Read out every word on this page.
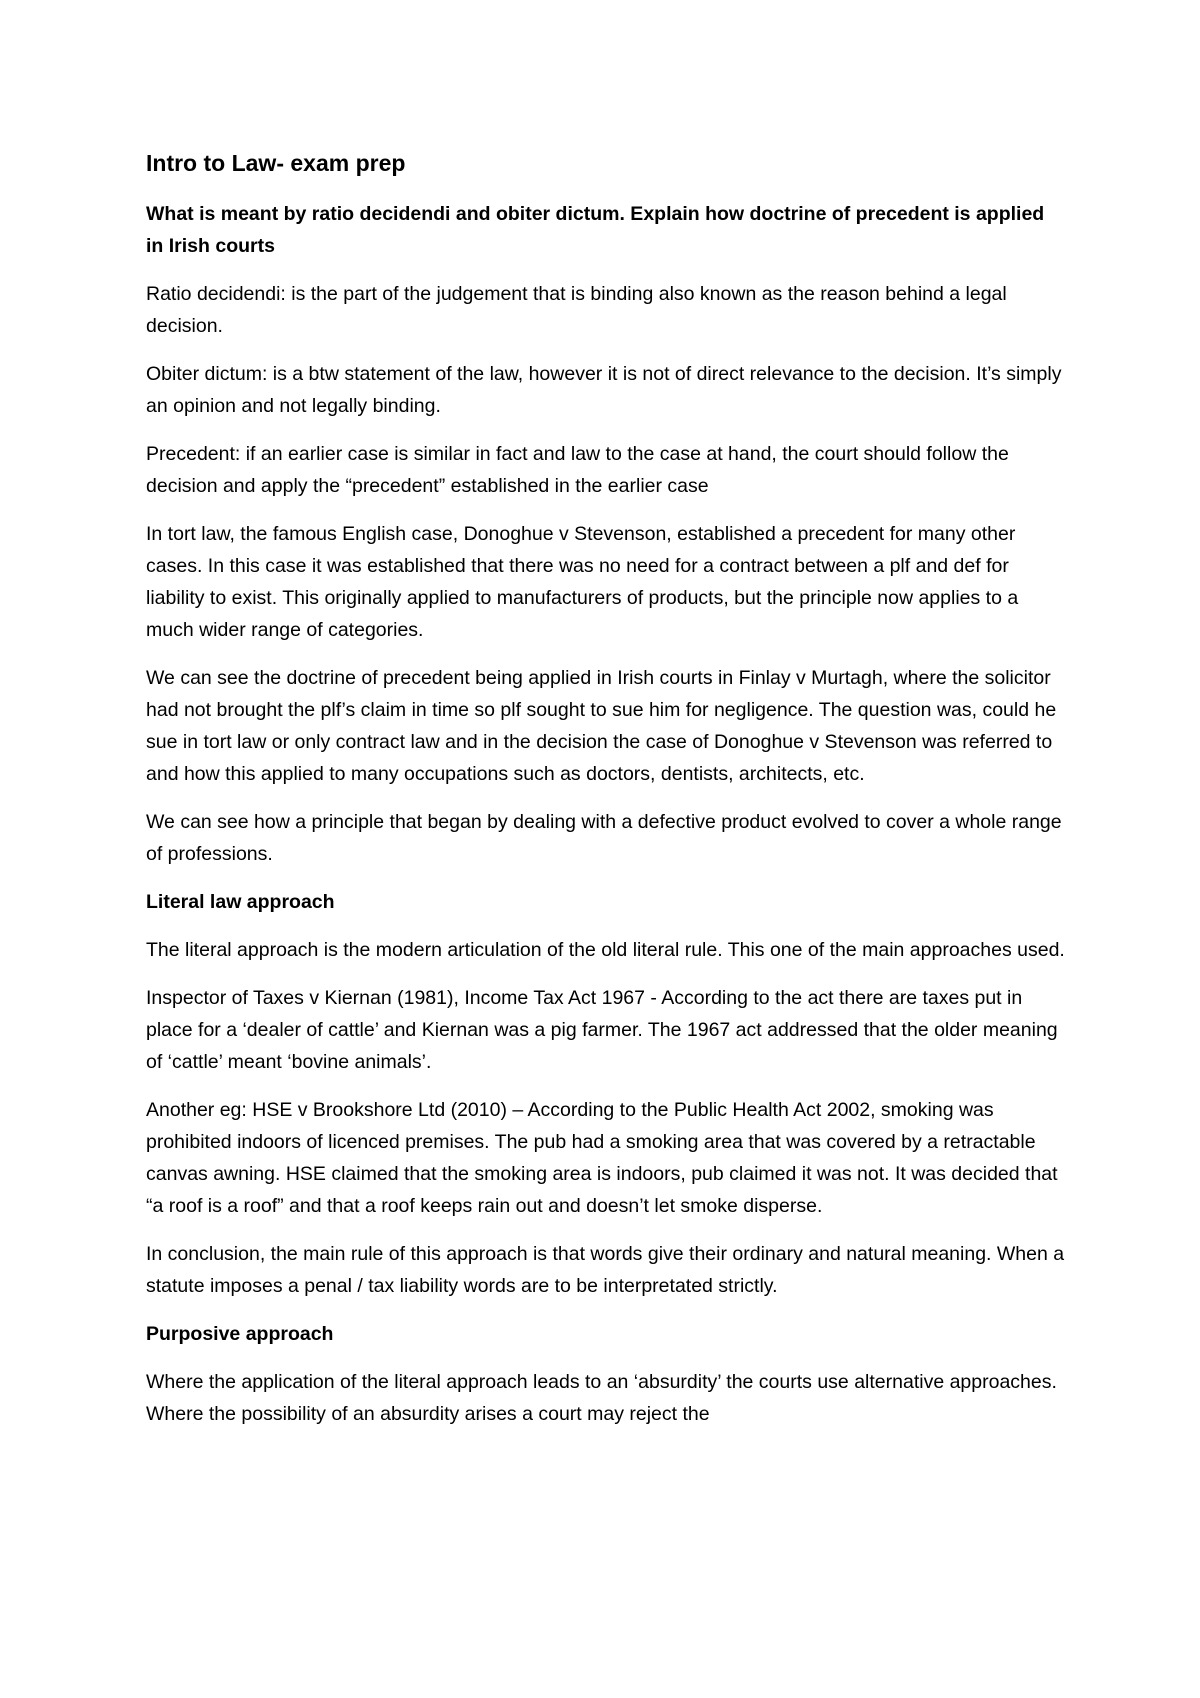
Intro to Law- exam prep

What is meant by ratio decidendi and obiter dictum. Explain how doctrine of precedent is applied in Irish courts

Ratio decidendi: is the part of the judgement that is binding also known as the reason behind a legal decision.

Obiter dictum: is a btw statement of the law, however it is not of direct relevance to the decision. It’s simply an opinion and not legally binding.

Precedent: if an earlier case is similar in fact and law to the case at hand, the court should follow the decision and apply the “precedent” established in the earlier case

In tort law, the famous English case, Donoghue v Stevenson, established a precedent for many other cases. In this case it was established that there was no need for a contract between a plf and def for liability to exist. This originally applied to manufacturers of products, but the principle now applies to a much wider range of categories.

We can see the doctrine of precedent being applied in Irish courts in Finlay v Murtagh, where the solicitor had not brought the plf’s claim in time so plf sought to sue him for negligence. The question was, could he sue in tort law or only contract law and in the decision the case of Donoghue v Stevenson was referred to and how this applied to many occupations such as doctors, dentists, architects, etc.

We can see how a principle that began by dealing with a defective product evolved to cover a whole range of professions.

Literal law approach

The literal approach is the modern articulation of the old literal rule. This one of the main approaches used.

Inspector of Taxes v Kiernan (1981), Income Tax Act 1967 - According to the act there are taxes put in place for a ‘dealer of cattle’ and Kiernan was a pig farmer. The 1967 act addressed that the older meaning of ‘cattle’ meant ‘bovine animals’.

Another eg: HSE v Brookshore Ltd (2010) – According to the Public Health Act 2002, smoking was prohibited indoors of licenced premises. The pub had a smoking area that was covered by a retractable canvas awning. HSE claimed that the smoking area is indoors, pub claimed it was not. It was decided that “a roof is a roof” and that a roof keeps rain out and doesn’t let smoke disperse.

In conclusion, the main rule of this approach is that words give their ordinary and natural meaning. When a statute imposes a penal / tax liability words are to be interpretated strictly.

Purposive approach

Where the application of the literal approach leads to an ‘absurdity’ the courts use alternative approaches. Where the possibility of an absurdity arises a court may reject the
